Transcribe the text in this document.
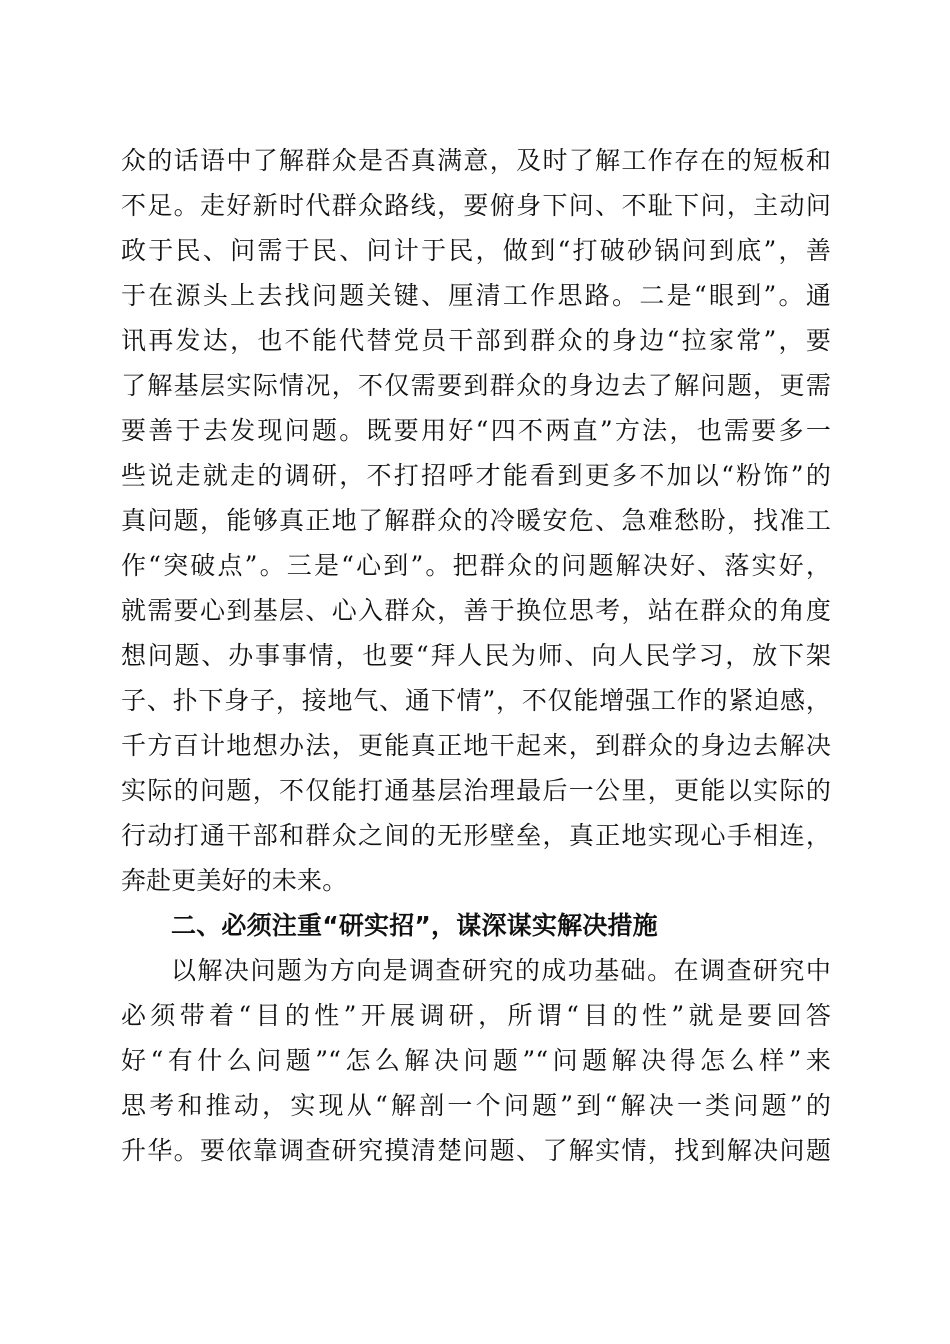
众的话语中了解群众是否真满意，及时了解工作存在的短板和
不足。走好新时代群众路线，要俯身下问、不耻下问，主动问
政于民、问需于民、问计于民，做到“打破砂锅问到底”，善
于在源头上去找问题关键、厘清工作思路。二是“眼到”。通
讯再发达，也不能代替党员干部到群众的身边“拉家常”，要
了解基层实际情况，不仅需要到群众的身边去了解问题，更需
要善于去发现问题。既要用好“四不两直”方法，也需要多一
些说走就走的调研，不打招呼才能看到更多不加以“粉饰”的
真问题，能够真正地了解群众的冷暖安危、急难愁盼，找准工
作“突破点”。三是“心到”。把群众的问题解决好、落实好，
就需要心到基层、心入群众，善于换位思考，站在群众的角度
想问题、办事事情，也要“拜人民为师、向人民学习，放下架
子、扑下身子，接地气、通下情”，不仅能增强工作的紧迫感，
千方百计地想办法，更能真正地干起来，到群众的身边去解决
实际的问题，不仅能打通基层治理最后一公里，更能以实际的
行动打通干部和群众之间的无形壁垒，真正地实现心手相连，
奔赴更美好的未来。
二、必须注重“研实招”，谋深谋实解决措施
以解决问题为方向是调查研究的成功基础。在调查研究中
必须带着“目的性”开展调研，所谓“目的性”就是要回答
好“有什么问题”“怎么解决问题”“问题解决得怎么样”来
思考和推动，实现从“解剖一个问题”到“解决一类问题”的
升华。要依靠调查研究摸清楚问题、了解实情，找到解决问题
